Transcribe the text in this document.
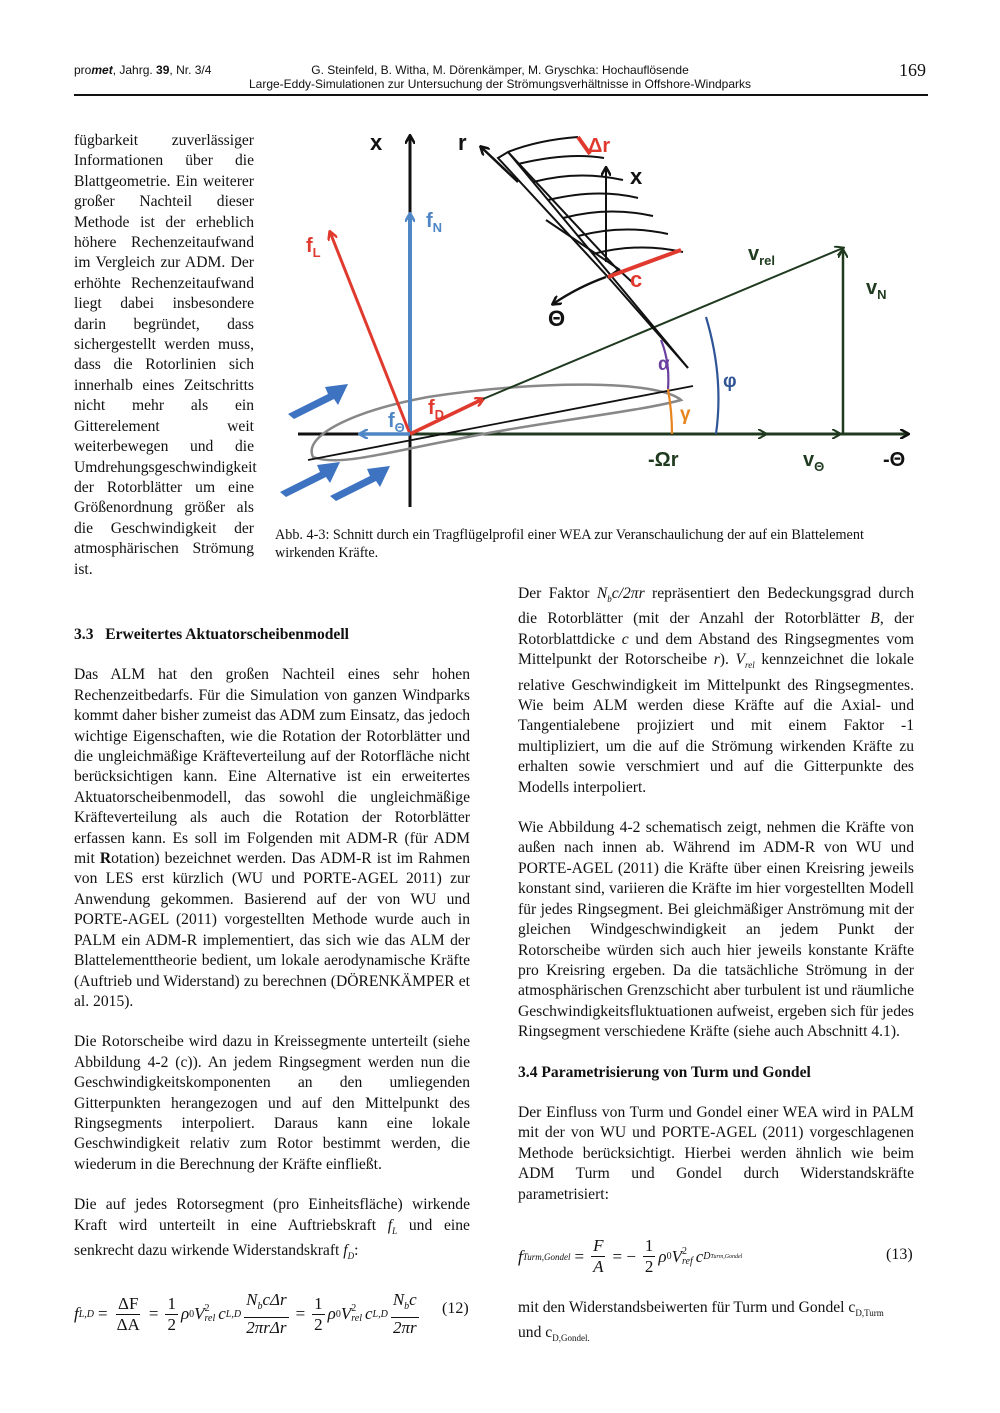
promet, Jahrg. 39, Nr. 3/4	G. Steinfeld, B. Witha, M. Dörenkämper, M. Gryschka: Hochauflösende
Large-Eddy-Simulationen zur Untersuchung der Strömungsverhältnisse in Offshore-Windparks
169

fügbarkeit zuverlässiger Informationen über die Blattgeometrie. Ein weiterer großer Nachteil dieser Methode ist der erheblich höhere Rechenzeitaufwand im Vergleich zur ADM. Der erhöhte Rechenzeitaufwand liegt dabei insbesondere darin begründet, dass sichergestellt werden muss, dass die Rotorlinien sich innerhalb eines Zeitschritts nicht mehr als ein Gitterelement weit weiterbewegen und die Umdrehungsgeschwindigkeit der Rotorblätter um eine Größenordnung größer als die Geschwindigkeit der atmosphärischen Strömung ist.

x
$f_N$
$f_L$
$f_D$
$f_\Theta$
r	Δr
x
c
Θ
$v_{rel}$
$v_N$
α
φ
γ
-Ωr	$v_\Theta$	-Θ
Abb. 4-3: Schnitt durch ein Tragflügelprofil einer WEA zur Veranschaulichung der auf ein Blattelement wirkenden Kräfte.
3.3   Erweitertes Aktuatorscheibenmodell

Das ALM hat den großen Nachteil eines sehr hohen Rechenzeitbedarfs. Für die Simulation von ganzen Windparks kommt daher bisher zumeist das ADM zum Einsatz, das jedoch wichtige Eigenschaften, wie die Rotation der Rotorblätter und die ungleichmäßige Kräfteverteilung auf der Rotorfläche nicht berücksichtigen kann. Eine Alternative ist ein erweitertes Aktuatorscheibenmodell, das sowohl die ungleichmäßige Kräfteverteilung als auch die Rotation der Rotorblätter erfassen kann. Es soll im Folgenden mit ADM-R (für ADM mit Rotation) bezeichnet werden. Das ADM-R ist im Rahmen von LES erst kürzlich (WU und PORTE-AGEL 2011) zur Anwendung gekommen. Basierend auf der von WU und PORTE-AGEL (2011) vorgestellten Methode wurde auch in PALM ein ADM-R implementiert, das sich wie das ALM der Blattelementtheorie bedient, um lokale aerodynamische Kräfte (Auftrieb und Widerstand) zu berechnen (DÖRENKÄMPER et al. 2015).

Die Rotorscheibe wird dazu in Kreissegmente unterteilt (siehe Abbildung 4-2 (c)). An jedem Ringsegment werden nun die Geschwindigkeitskomponenten an den umliegenden Gitterpunkten herangezogen und auf den Mittelpunkt des Ringsegments interpoliert. Daraus kann eine lokale Geschwindigkeit relativ zum Rotor bestimmt werden, die wiederum in die Berechnung der Kräfte einfließt.

Die auf jedes Rotorsegment (pro Einheitsfläche) wirkende Kraft wird unterteilt in eine Auftriebskraft $f_L$ und eine senkrecht dazu wirkende Widerstandskraft $f_D$:

f $L,D = \frac{\Delta F}{\Delta A} = \frac{1}{2}$ ρ 0 V 2
rel c $L,D \frac{N_bc\Delta r}{\text{2πrΔr}} = \frac{1}{2}$ ρ 0 V 2
rel c $L,D \frac{N_bc}{2\pi r} (12)$

Der Faktor $N_bc/2\pi r$ repräsentiert den Bedeckungsgrad durch die Rotorblätter (mit der Anzahl der Rotorblätter B, der Rotorblattdicke c und dem Abstand des Ringsegmentes vom Mittelpunkt der Rotorscheibe r). $V_{rel}$ kennzeichnet die lokale relative Geschwindigkeit im Mittelpunkt des Ringsegmentes. Wie beim ALM werden diese Kräfte auf die Axial- und Tangentialebene projiziert und mit einem Faktor -1 multipliziert, um die auf die Strömung wirkenden Kräfte zu erhalten sowie verschmiert und auf die Gitterpunkte des Modells interpoliert.

Wie Abbildung 4-2 schematisch zeigt, nehmen die Kräfte von außen nach innen ab. Während im ADM-R von WU und PORTE-AGEL (2011) die Kräfte über einen Kreisring jeweils konstant sind, variieren die Kräfte im hier vorgestellten Modell für jedes Ringsegment. Bei gleichmäßiger Anströmung mit der gleichen Windgeschwindigkeit an jedem Punkt der Rotorscheibe würden sich auch hier jeweils konstante Kräfte pro Kreisring ergeben. Da die tatsächliche Strömung in der atmosphärischen Grenzschicht aber turbulent ist und räumliche Geschwindigkeitsfluktuationen aufweist, ergeben sich für jedes Ringsegment verschiedene Kräfte (siehe auch Abschnitt 4.1).

3.4 Parametrisierung von Turm und Gondel

Der Einfluss von Turm und Gondel einer WEA wird in PALM mit der von WU und PORTE-AGEL (2011) vorgeschlagenen Methode berücksichtigt. Hierbei werden ähnlich wie beim ADM Turm und Gondel durch Widerstandskräfte parametrisiert:

f Turm,Gondel = $\frac{F}{A}$ = − $\frac{1}{2}$ ρ 0 V 2
ref c D Turm,Gondel	(13)

mit den Widerstandsbeiwerten für Turm und Gondel $c_{D,Turm}$
und $c_{D,Gondel.}$
